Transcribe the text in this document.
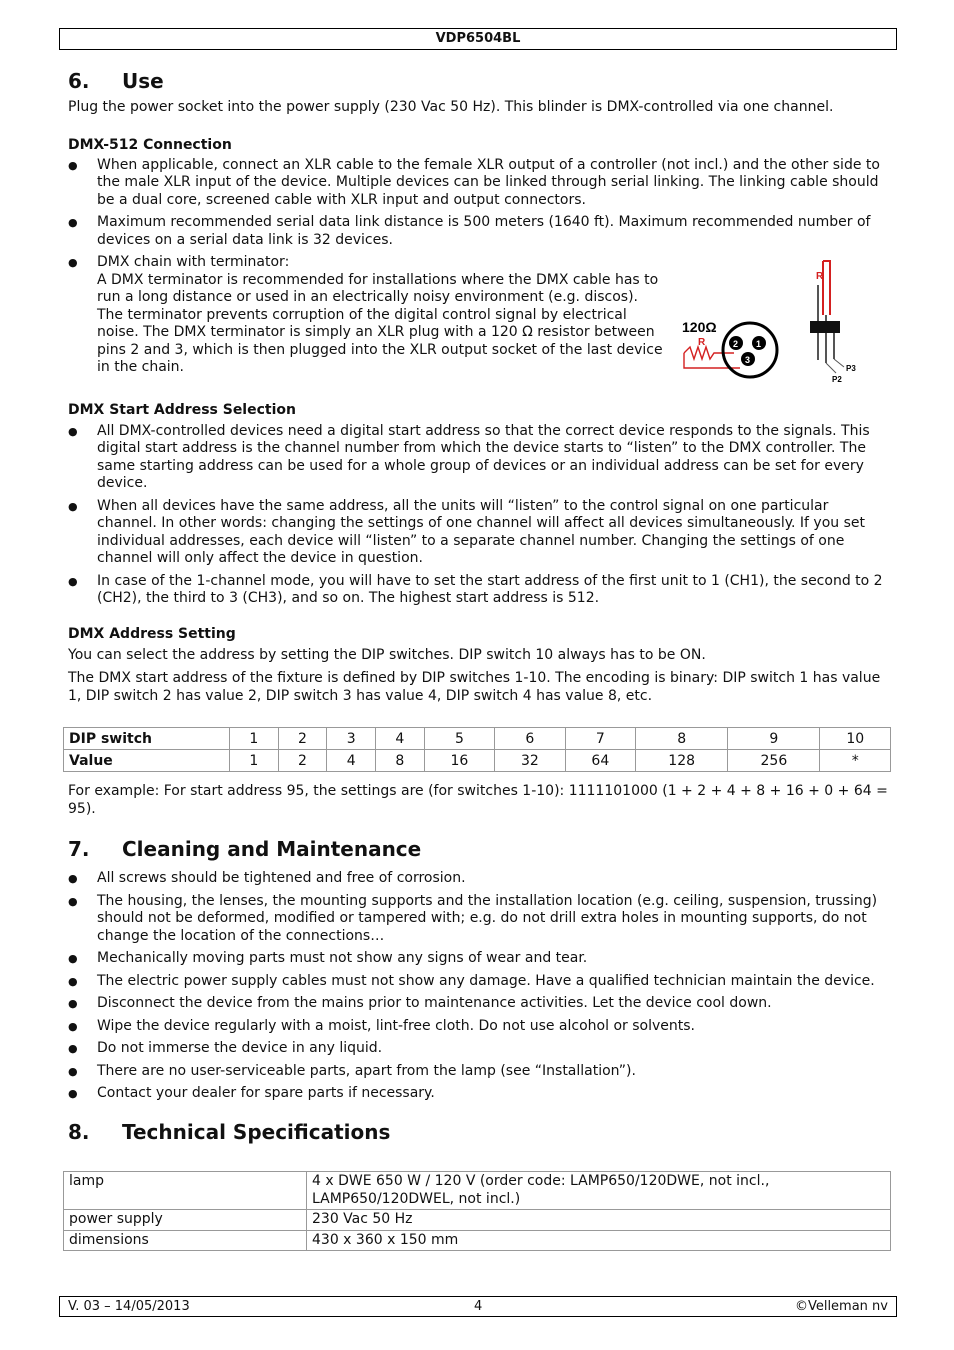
VDP6504BL
6. Use

Plug the power socket into the power supply (230 Vac 50 Hz). This blinder is DMX-controlled via one channel.

DMX-512 Connection
● When applicable, connect an XLR cable to the female XLR output of a controller (not incl.) and the other side to the male XLR input of the device. Multiple devices can be linked through serial linking. The linking cable should be a dual core, screened cable with XLR input and output connectors.
● Maximum recommended serial data link distance is 500 meters (1640 ft). Maximum recommended number of devices on a serial data link is 32 devices.
● DMX chain with terminator:
A DMX terminator is recommended for installations where the DMX cable has to run a long distance or used in an electrically noisy environment (e.g. discos). The terminator prevents corruption of the digital control signal by electrical noise. The DMX terminator is simply an XLR plug with a 120 Ω resistor between pins 2 and 3, which is then plugged into the XLR output socket of the last device in the chain.
DMX Start Address Selection
● All DMX-controlled devices need a digital start address so that the correct device responds to the signals. This digital start address is the channel number from which the device starts to “listen” to the DMX controller. The same starting address can be used for a whole group of devices or an individual address can be set for every device.
● When all devices have the same address, all the units will “listen” to the control signal on one particular channel. In other words: changing the settings of one channel will affect all devices simultaneously. If you set individual addresses, each device will “listen” to a separate channel number. Changing the settings of one channel will only affect the device in question.
● In case of the 1-channel mode, you will have to set the start address of the first unit to 1 (CH1), the second to 2 (CH2), the third to 3 (CH3), and so on. The highest start address is 512.
DMX Address Setting

You can select the address by setting the DIP switches. DIP switch 10 always has to be ON.

The DMX start address of the fixture is defined by DIP switches 1-10. The encoding is binary: DIP switch 1 has value 1, DIP switch 2 has value 2, DIP switch 3 has value 4, DIP switch 4 has value 8, etc.

120Ω
R	2 1
3
R
P3
P2
DIP switch	1	2	3	4	5	6	7	8	9	10
Value	1	2	4	8	16	32	64	128	256	*

For example: For start address 95, the settings are (for switches 1-10): 1111101000 (1 + 2 + 4 + 8 + 16 + 0 + 64 = 95).

7. Cleaning and Maintenance
● All screws should be tightened and free of corrosion.
● The housing, the lenses, the mounting supports and the installation location (e.g. ceiling, suspension, trussing) should not be deformed, modified or tampered with; e.g. do not drill extra holes in mounting supports, do not change the location of the connections…
● Mechanically moving parts must not show any signs of wear and tear.
● The electric power supply cables must not show any damage. Have a qualified technician maintain the device.
● Disconnect the device from the mains prior to maintenance activities. Let the device cool down.
● Wipe the device regularly with a moist, lint-free cloth. Do not use alcohol or solvents.
● Do not immerse the device in any liquid.
● There are no user-serviceable parts, apart from the lamp (see “Installation”).
● Contact your dealer for spare parts if necessary.
8. Technical Specifications
lamp	4 x DWE 650 W / 120 V (order code: LAMP650/120DWE, not incl., LAMP650/120DWEL, not incl.)
power supply	230 Vac 50 Hz
dimensions	430 x 360 x 150 mm
V. 03 – 14/05/2013	4	©Velleman nv
